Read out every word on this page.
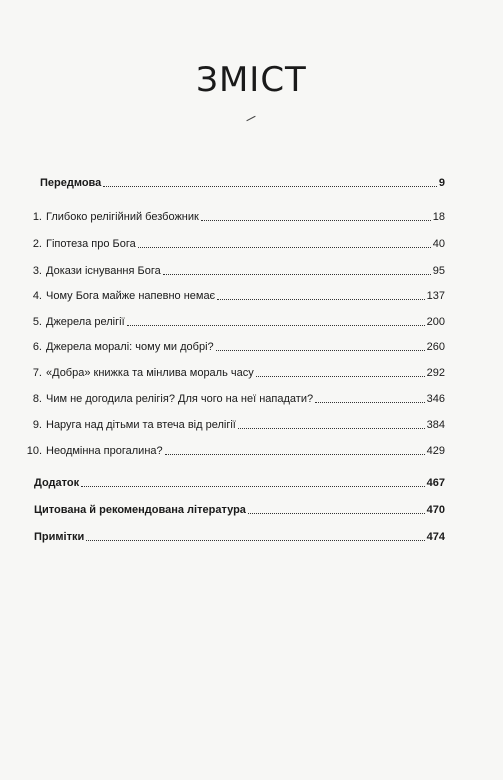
ЗМІСТ
Передмова	9
1. Глибоко релігійний безбожник	18
2. Гіпотеза про Бога	40
3. Докази існування Бога	95
4. Чому Бога майже напевно немає	137
5. Джерела релігії	200
6. Джерела моралі: чому ми добрі?	260
7. «Добра» книжка та мінлива мораль часу	292
8. Чим не догодила релігія? Для чого на неї нападати?	346
9. Наруга над дітьми та втеча від релігії	384
10. Неодмінна прогалина?	429
Додаток	467
Цитована й рекомендована література	470
Примітки	474
